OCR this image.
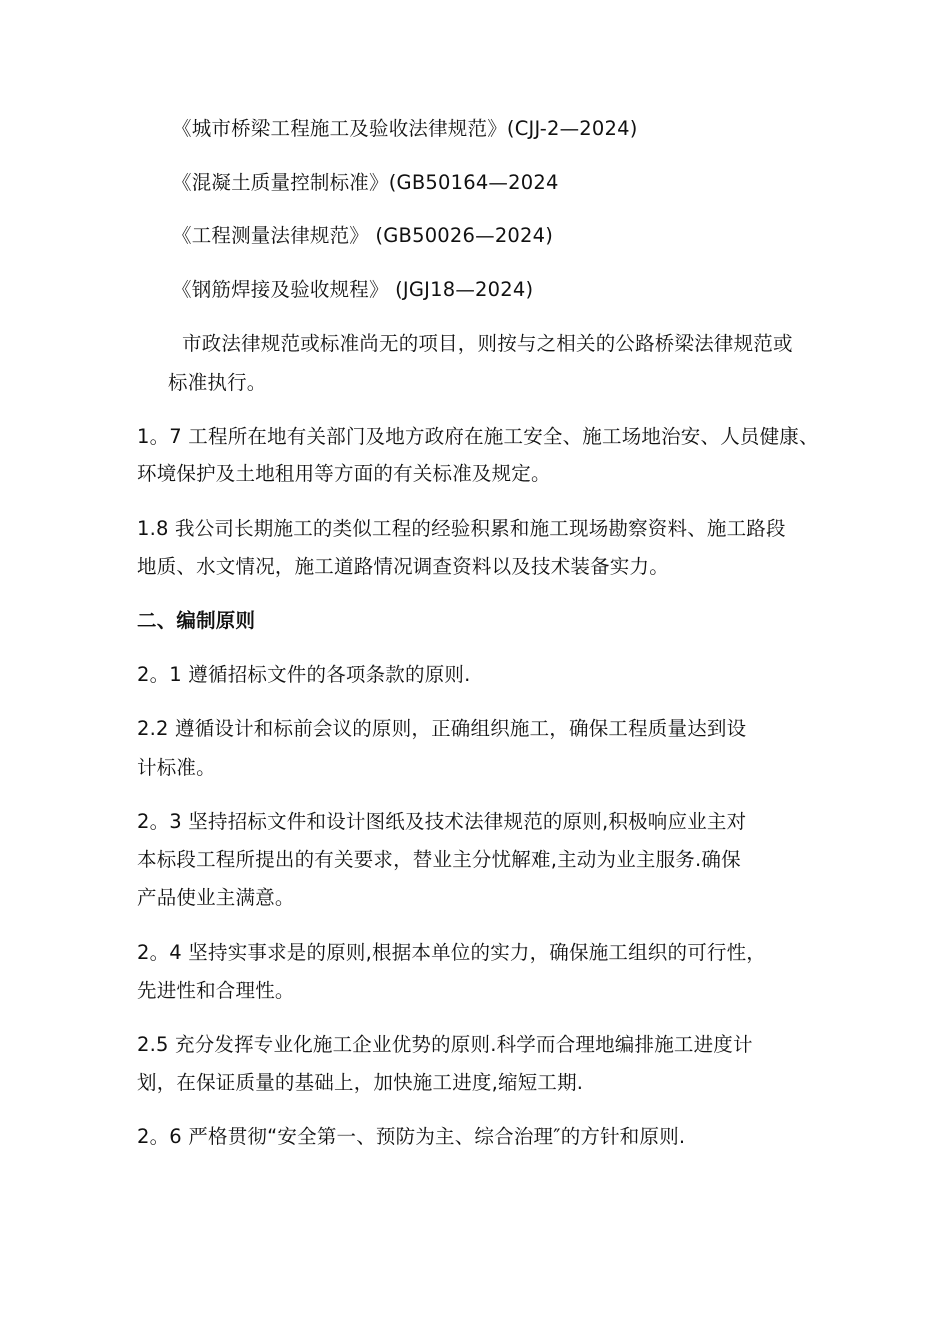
《城市桥梁工程施工及验收法律规范》(CJJ-2—2024)
《混凝土质量控制标准》(GB50164—2024
《工程测量法律规范》 (GB50026—2024)
《钢筋焊接及验收规程》 (JGJ18—2024)
市政法律规范或标准尚无的项目，则按与之相关的公路桥梁法律规范或
标准执行。
1。7 工程所在地有关部门及地方政府在施工安全、施工场地治安、人员健康、
环境保护及土地租用等方面的有关标准及规定。
1.8 我公司长期施工的类似工程的经验积累和施工现场勘察资料、施工路段
地质、水文情况，施工道路情况调查资料以及技术装备实力。
二、编制原则
2。1 遵循招标文件的各项条款的原则.
2.2 遵循设计和标前会议的原则，正确组织施工，确保工程质量达到设
计标准。
2。3 坚持招标文件和设计图纸及技术法律规范的原则,积极响应业主对
本标段工程所提出的有关要求，替业主分忧解难,主动为业主服务.确保
产品使业主满意。
2。4 坚持实事求是的原则,根据本单位的实力，确保施工组织的可行性，
先进性和合理性。
2.5 充分发挥专业化施工企业优势的原则.科学而合理地编排施工进度计
划，在保证质量的基础上，加快施工进度,缩短工期.
2。6 严格贯彻“安全第一、预防为主、综合治理″的方针和原则.
